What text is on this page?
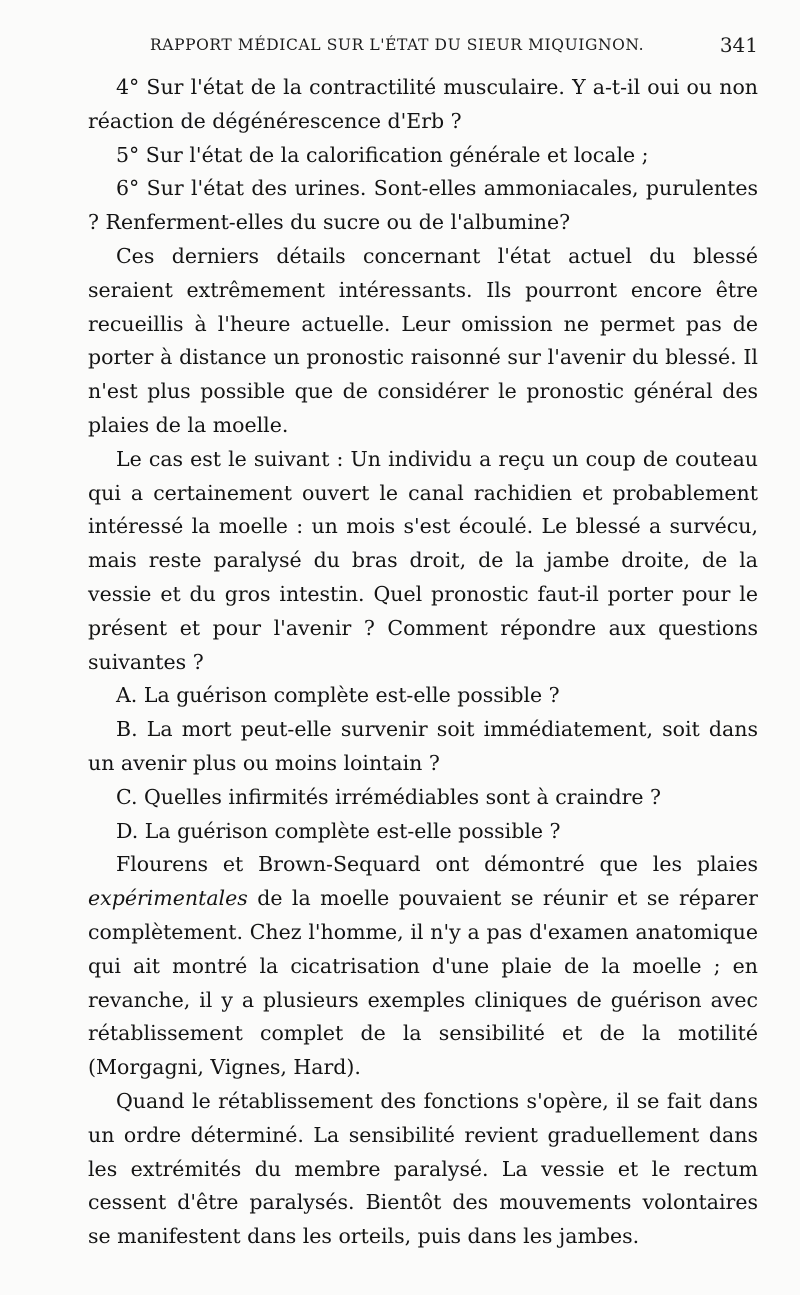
RAPPORT MÉDICAL SUR L'ÉTAT DU SIEUR MIQUIGNON.	341

4° Sur l'état de la contractilité musculaire. Y a-t-il oui ou non réaction de dégénérescence d'Erb ?

5° Sur l'état de la calorification générale et locale ;

6° Sur l'état des urines. Sont-elles ammoniacales, purulentes ? Renferment-elles du sucre ou de l'albumine?

Ces derniers détails concernant l'état actuel du blessé seraient extrêmement intéressants. Ils pourront encore être recueillis à l'heure actuelle. Leur omission ne permet pas de porter à distance un pronostic raisonné sur l'avenir du blessé. Il n'est plus possible que de considérer le pronostic général des plaies de la moelle.

Le cas est le suivant : Un individu a reçu un coup de couteau qui a certainement ouvert le canal rachidien et probablement intéressé la moelle : un mois s'est écoulé. Le blessé a survécu, mais reste paralysé du bras droit, de la jambe droite, de la vessie et du gros intestin. Quel pronostic faut-il porter pour le présent et pour l'avenir ? Comment répondre aux questions suivantes ?

A. La guérison complète est-elle possible ?

B. La mort peut-elle survenir soit immédiatement, soit dans un avenir plus ou moins lointain ?

C. Quelles infirmités irrémédiables sont à craindre ?

D. La guérison complète est-elle possible ?

Flourens et Brown-Sequard ont démontré que les plaies expérimentales de la moelle pouvaient se réunir et se réparer complètement. Chez l'homme, il n'y a pas d'examen anatomique qui ait montré la cicatrisation d'une plaie de la moelle ; en revanche, il y a plusieurs exemples cliniques de guérison avec rétablissement complet de la sensibilité et de la motilité (Morgagni, Vignes, Hard).

Quand le rétablissement des fonctions s'opère, il se fait dans un ordre déterminé. La sensibilité revient graduellement dans les extrémités du membre paralysé. La vessie et le rectum cessent d'être paralysés. Bientôt des mouvements volontaires se manifestent dans les orteils, puis dans les jambes.
